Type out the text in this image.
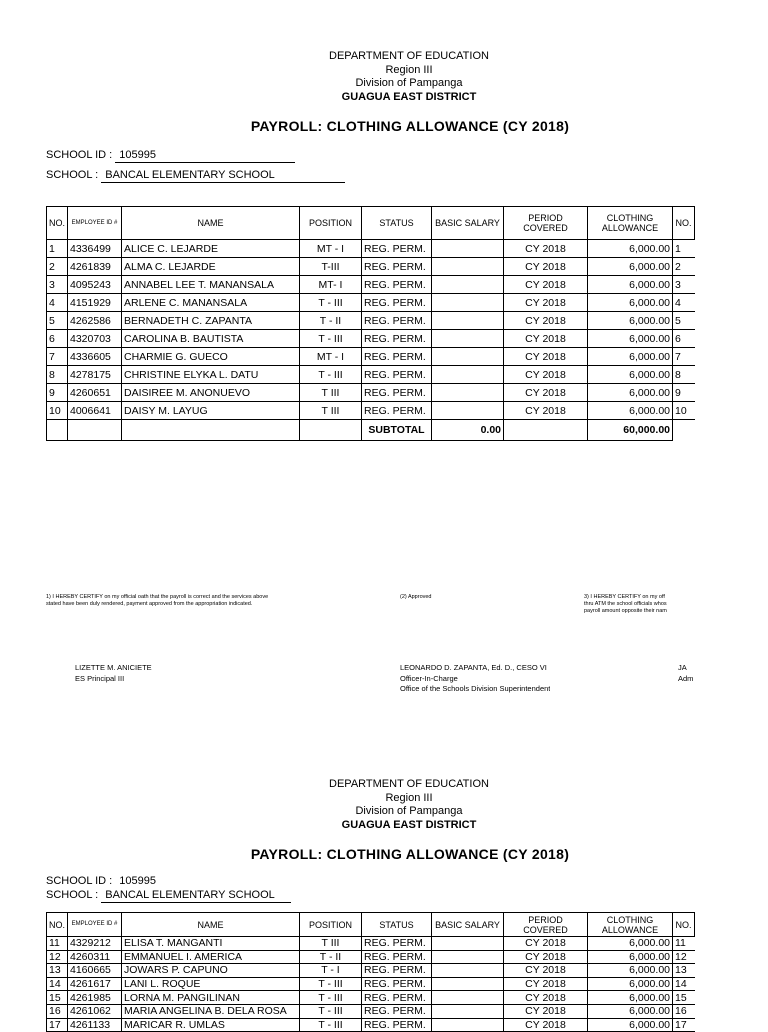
DEPARTMENT OF EDUCATION
Region III
Division of Pampanga
GUAGUA EAST DISTRICT
PAYROLL: CLOTHING ALLOWANCE (CY 2018)
SCHOOL ID : 105995
SCHOOL : BANCAL ELEMENTARY SCHOOL
NO.	EMPLOYEE ID #	NAME	POSITION	STATUS	BASIC SALARY	PERIOD COVERED	CLOTHING ALLOWANCE	NO.
1	4336499	ALICE C. LEJARDE	MT - I	REG. PERM.		CY 2018	6,000.00	1
2	4261839	ALMA C. LEJARDE	T-III	REG. PERM.		CY 2018	6,000.00	2
3	4095243	ANNABEL LEE T. MANANSALA	MT- I	REG. PERM.		CY 2018	6,000.00	3
4	4151929	ARLENE C. MANANSALA	T - III	REG. PERM.		CY 2018	6,000.00	4
5	4262586	BERNADETH C. ZAPANTA	T - II	REG. PERM.		CY 2018	6,000.00	5
6	4320703	CAROLINA B. BAUTISTA	T - III	REG. PERM.		CY 2018	6,000.00	6
7	4336605	CHARMIE G. GUECO	MT - I	REG. PERM.		CY 2018	6,000.00	7
8	4278175	CHRISTINE ELYKA L. DATU	T - III	REG. PERM.		CY 2018	6,000.00	8
9	4260651	DAISIREE M. ANONUEVO	T III	REG. PERM.		CY 2018	6,000.00	9
10	4006641	DAISY M. LAYUG	T III	REG. PERM.		CY 2018	6,000.00	10
				SUBTOTAL	0.00		60,000.00	
1) I HEREBY CERTIFY on my official oath that the payroll is correct and the services above
stated have been duly rendered, payment approved from the appropriation indicated.
(2) Approved	3) I HEREBY CERTIFY on my off
thru ATM the school officials whos
payroll amount opposite their nam
LIZETTE M. ANICIETE
ES Principal III
LEONARDO D. ZAPANTA, Ed. D., CESO VI
Officer-In-Charge
Office of the Schools Division Superintendent
JA
Adm
DEPARTMENT OF EDUCATION
Region III
Division of Pampanga
GUAGUA EAST DISTRICT
PAYROLL: CLOTHING ALLOWANCE (CY 2018)
SCHOOL ID : 105995
SCHOOL : BANCAL ELEMENTARY SCHOOL
NO.	EMPLOYEE ID #	NAME	POSITION	STATUS	BASIC SALARY	PERIOD COVERED	CLOTHING ALLOWANCE	NO.
11	4329212	ELISA T. MANGANTI	T III	REG. PERM.		CY 2018	6,000.00	11
12	4260311	EMMANUEL I. AMERICA	T - II	REG. PERM.		CY 2018	6,000.00	12
13	4160665	JOWARS P. CAPUNO	T - I	REG. PERM.		CY 2018	6,000.00	13
14	4261617	LANI L. ROQUE	T - III	REG. PERM.		CY 2018	6,000.00	14
15	4261985	LORNA M. PANGILINAN	T - III	REG. PERM.		CY 2018	6,000.00	15
16	4261062	MARIA ANGELINA B. DELA ROSA	T - III	REG. PERM.		CY 2018	6,000.00	16
17	4261133	MARICAR R. UMLAS	T - III	REG. PERM.		CY 2018	6,000.00	17
